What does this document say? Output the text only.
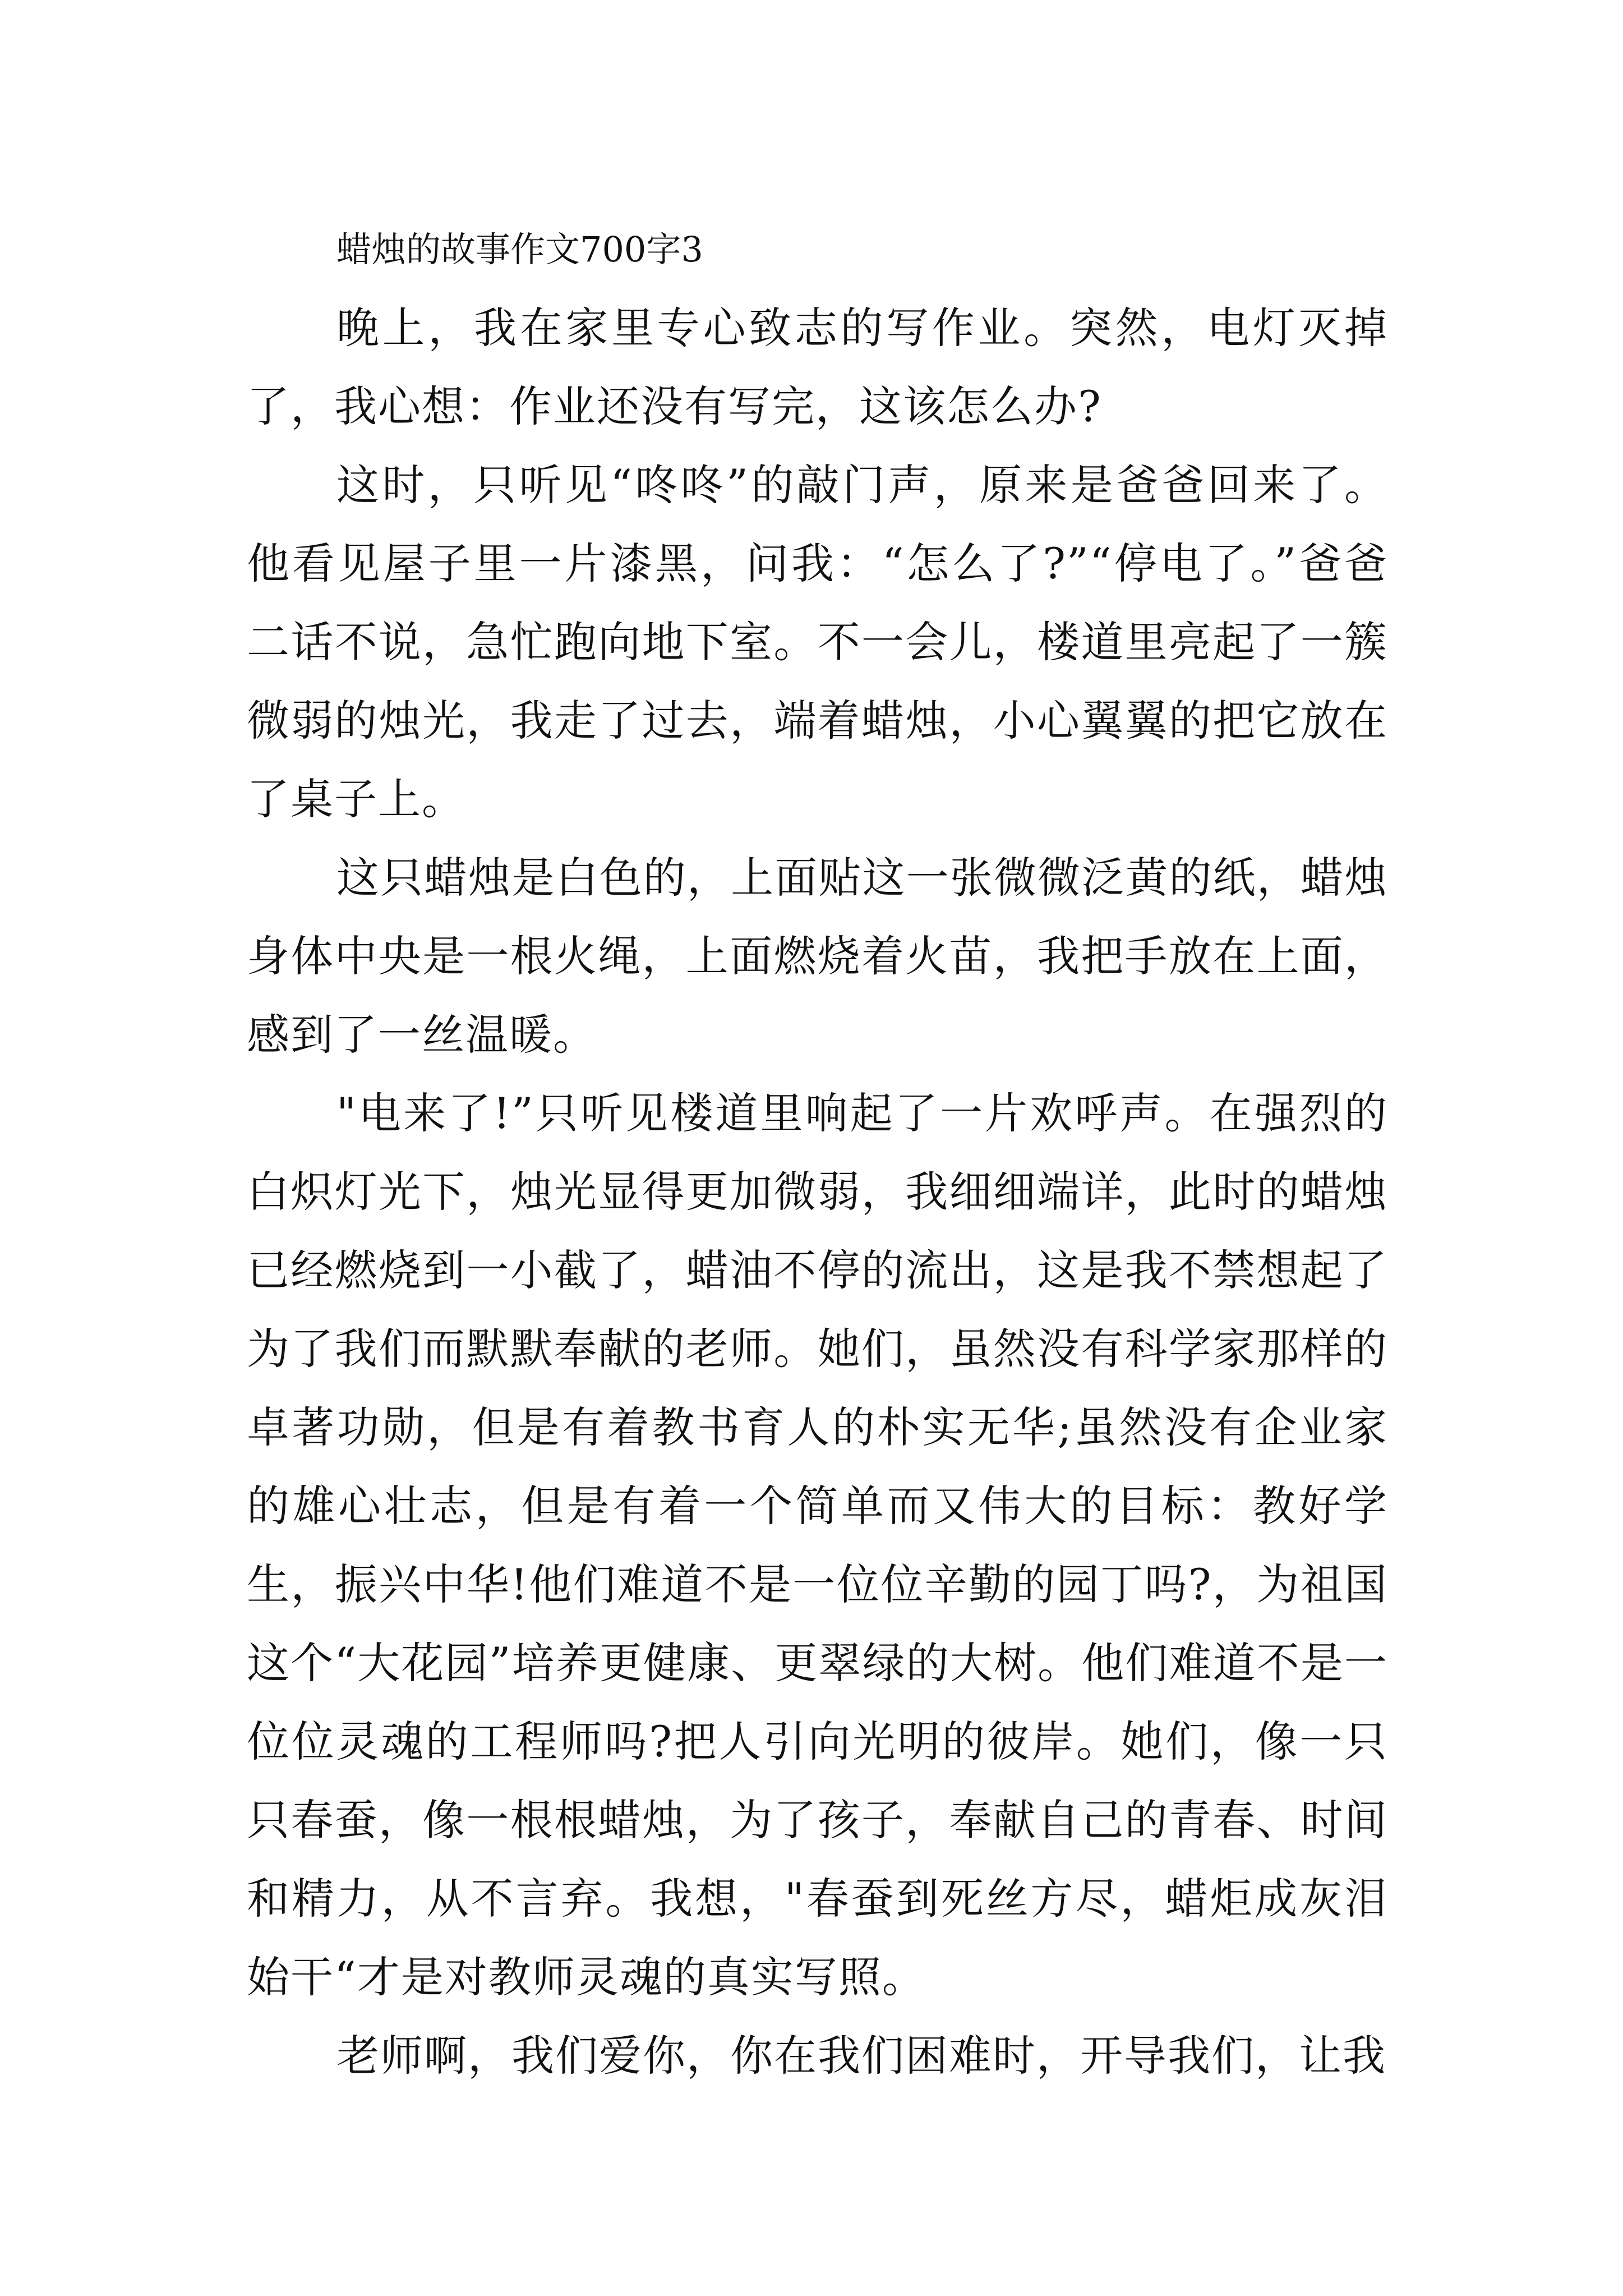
蜡烛的故事作文700字3

晚上，我在家里专心致志的写作业。突然，电灯灭掉了，我心想：作业还没有写完，这该怎么办?

这时，只听见“咚咚”的敲门声，原来是爸爸回来了。他看见屋子里一片漆黑，问我：“怎么了?”“停电了。”爸爸二话不说，急忙跑向地下室。不一会儿，楼道里亮起了一簇微弱的烛光，我走了过去，端着蜡烛，小心翼翼的把它放在了桌子上。

这只蜡烛是白色的，上面贴这一张微微泛黄的纸，蜡烛身体中央是一根火绳，上面燃烧着火苗，我把手放在上面，感到了一丝温暖。

"电来了!”只听见楼道里响起了一片欢呼声。在强烈的白炽灯光下，烛光显得更加微弱，我细细端详，此时的蜡烛已经燃烧到一小截了，蜡油不停的流出，这是我不禁想起了为了我们而默默奉献的老师。她们，虽然没有科学家那样的卓著功勋，但是有着教书育人的朴实无华;虽然没有企业家的雄心壮志，但是有着一个简单而又伟大的目标：教好学生，振兴中华!他们难道不是一位位辛勤的园丁吗?，为祖国这个“大花园”培养更健康、更翠绿的大树。他们难道不是一位位灵魂的工程师吗?把人引向光明的彼岸。她们，像一只只春蚕，像一根根蜡烛，为了孩子，奉献自己的青春、时间和精力，从不言弃。我想，"春蚕到死丝方尽，蜡炬成灰泪始干“才是对教师灵魂的真实写照。

老师啊，我们爱你，你在我们困难时，开导我们，让我
